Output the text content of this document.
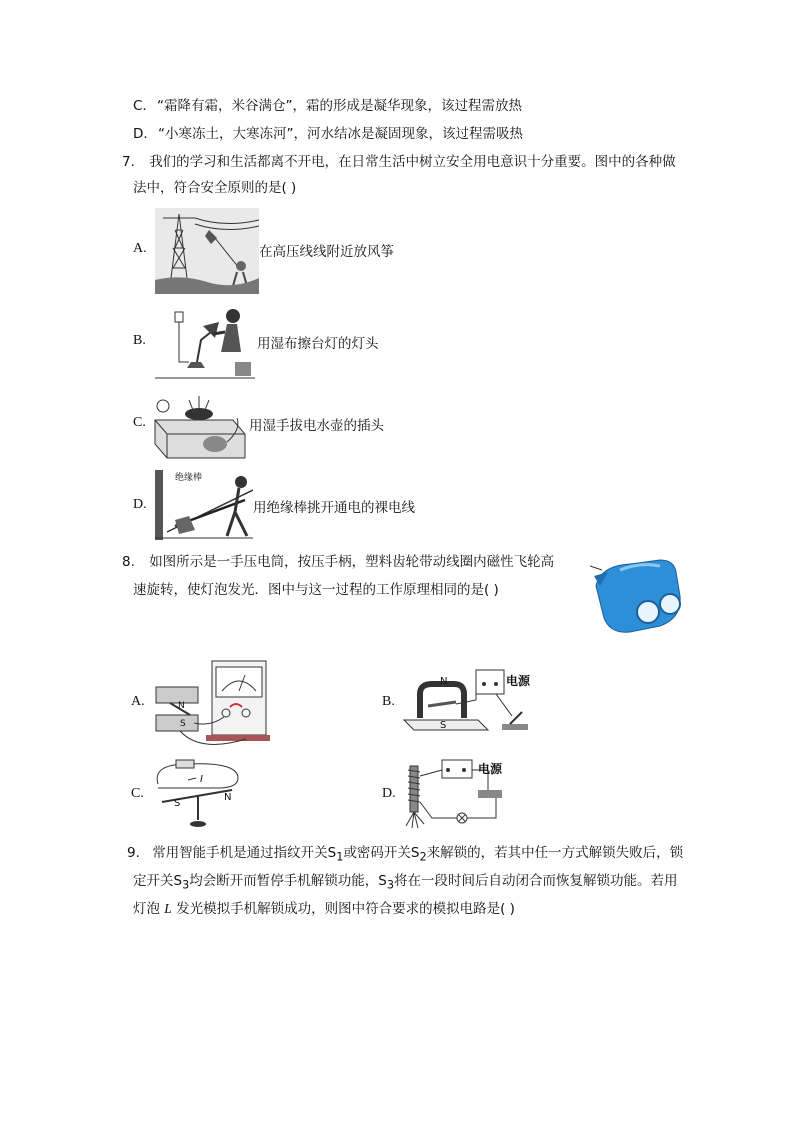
C. “霜降有霜，米谷满仓”，霜的形成是凝华现象，该过程需放热
D. “小寒冻土，大寒冻河”，河水结冰是凝固现象，该过程需吸热
7. 我们的学习和生活都离不开电，在日常生活中树立安全用电意识十分重要。图中的各种做
法中，符合安全原则的是( )
A.	在高压线线附近放风筝
B.	用湿布擦台灯的灯头
C.	用湿手拔电水壶的插头
D.
绝缘棒
用绝缘棒挑开通电的裸电线
8. 如图所示是一手压电筒，按压手柄，塑料齿轮带动线圈内磁性飞轮高
速旋转，使灯泡发光．图中与这一过程的工作原理相同的是( )
A.	N
S
B.
N
S
电源
C.
S
N
I
D.
电源
9. 常用智能手机是通过指纹开关$S_1$或密码开关$S_2$来解锁的，若其中任一方式解锁失败后，锁
定开关$S_3$均会断开而暂停手机解锁功能，$S_3$将在一段时间后自动闭合而恢复解锁功能。若用
灯泡 L 发光模拟手机解锁成功，则图中符合要求的模拟电路是( )
